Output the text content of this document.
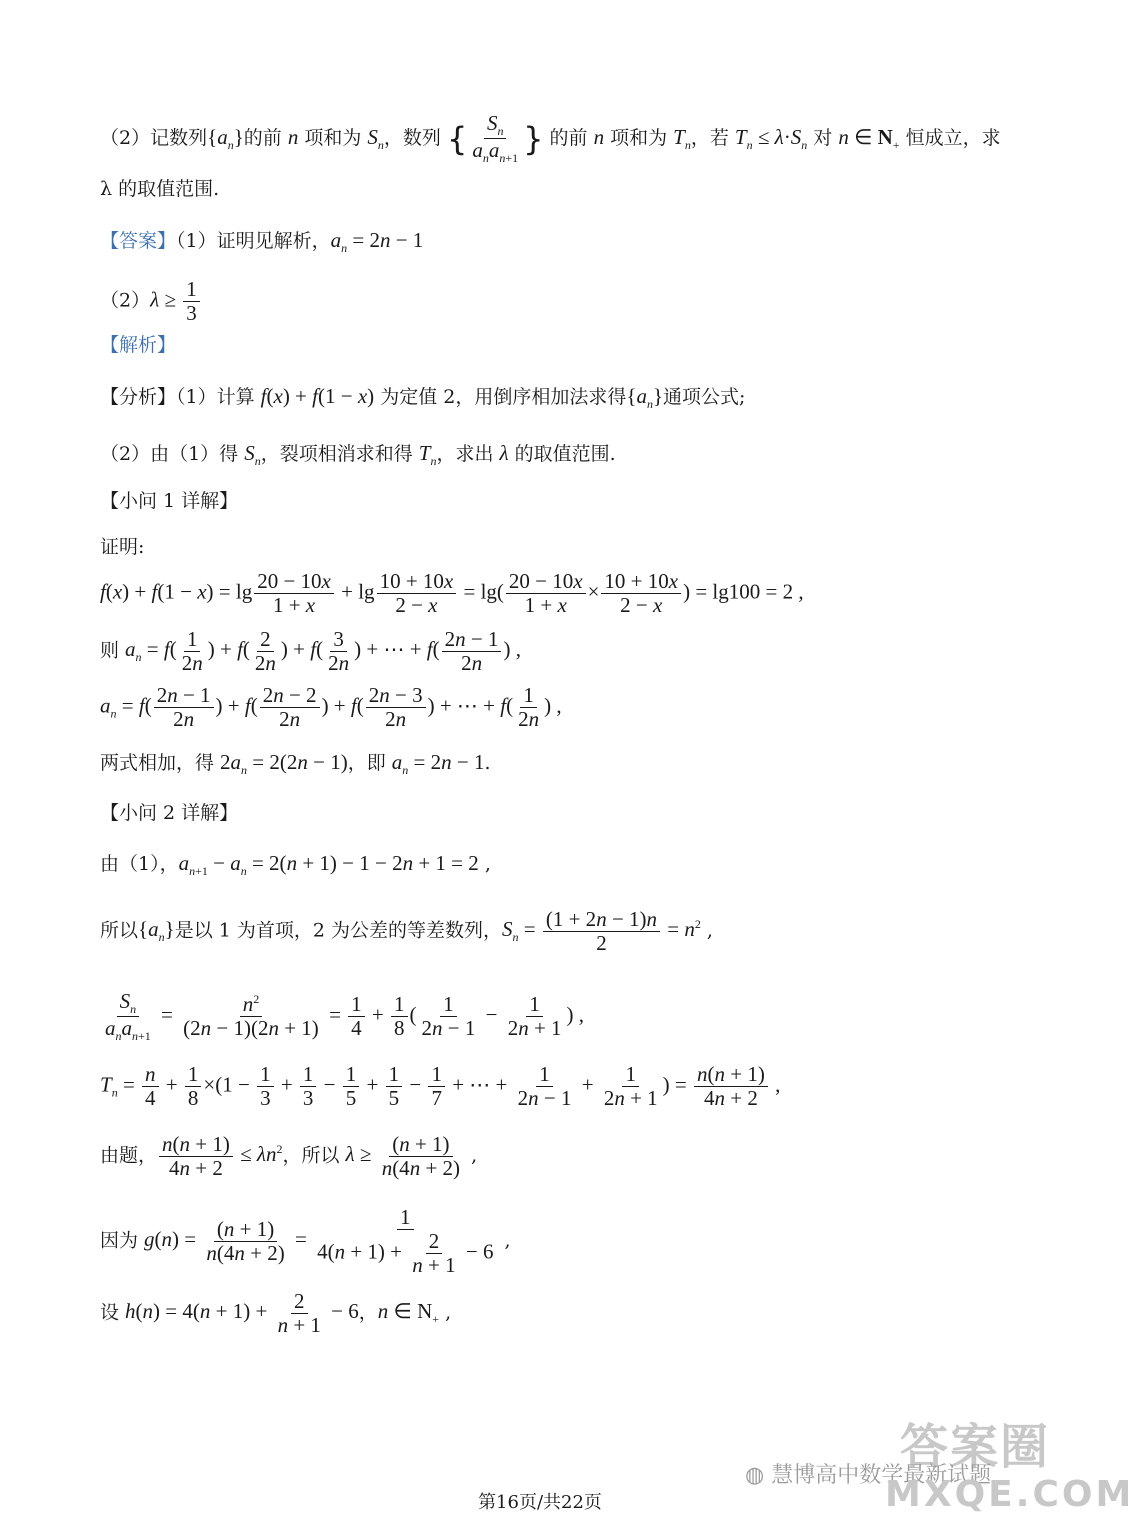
（2）记数列$\{a_n\}$的前 n 项和为 $S_n$，数列 { $\frac{S_n}{a_na_{n+1}}$ } 的前 n 项和为 $T_n$，若 $T_n \le \lambda\cdot S_n$ 对 n ∈ $N_+$ 恒成立，求
λ 的取值范围.
【答案】（1）证明见解析，$a_n = 2n - 1$
$(2)\lambda \ge \frac{1}{3}$
【解析】
【分析】（1）计算 f(x) + f(1 − x) 为定值 2，用倒序相加法求得$\{a_n\}$通项公式;
（2）由（1）得 $S_n$，裂项相消求和得 $T_n$，求出 λ 的取值范围.
【小问 1 详解】
证明:
$f(x) + f(1 - x) = \lg \frac{20 - 10x}{1 + x} + \lg \frac{10 + 10x}{2 - x} = \lg( \frac{20 - 10x}{1 + x} \times \frac{10 + 10x}{2 - x}$ ) = lg100 = 2 ,
则 $a_n = f( \frac{1}{2n}$ ) + $f( \frac{2}{2n}$ ) + $f( \frac{3}{2n}$ ) + ⋯ + $f( \frac{2n - 1}{2n}$ ) ,
$a_n = f( \frac{2n - 1}{2n}$ ) + $f( \frac{2n - 2}{2n}$ ) + $f( \frac{2n - 3}{2n}$ ) + ⋯ + $f( \frac{1}{2n}$ ) ,
两式相加，得 $2a_n = 2(2n - 1)$，即 $a_n = 2n - 1$.
【小问 2 详解】
由（1），$a_{n+1} - a_n = 2(n + 1) - 1 - 2n + 1 = 2$ ,
所以$\{a_n\}$是以 1 为首项，2 为公差的等差数列，$S_n = \frac{(1 + 2n - 1)n}{2} = n^2$ ,
$\frac{S_n}{a_na_{n+1}} = \frac{n^2}{(2n - 1)(2n + 1)} = \frac{1}{4} + \frac{1}{8}$ ( $\frac{1}{2n - 1} - \frac{1}{2n + 1}$ ) ,
$T_n = \frac{n}{4} + \frac{1}{8} \times(1 - \frac{1}{3} + \frac{1}{3} - \frac{1}{5} + \frac{1}{5} - \frac{1}{7}$ + ⋯ + $\frac{1}{2n - 1} + \frac{1}{2n + 1}$ ) = $\frac{n(n + 1)}{4n + 2}$ ,
由题， $\frac{n(n + 1)}{4n + 2} \le \lambda n^2$，所以 $\lambda \ge \frac{(n + 1)}{n(4n + 2)}$ ,
因为 $g(n) = \frac{(n + 1)}{n(4n + 2)} = \frac{1}{4(n + 1) + \frac{2}{n + 1} - 6}$ ,
设 $h(n) = 4(n + 1) + \frac{2}{n + 1} - 6$，n ∈ $N_+$ ,
答案圈
◍ 慧博高中数学最新试题
MXQE.COM
第16页/共22页
